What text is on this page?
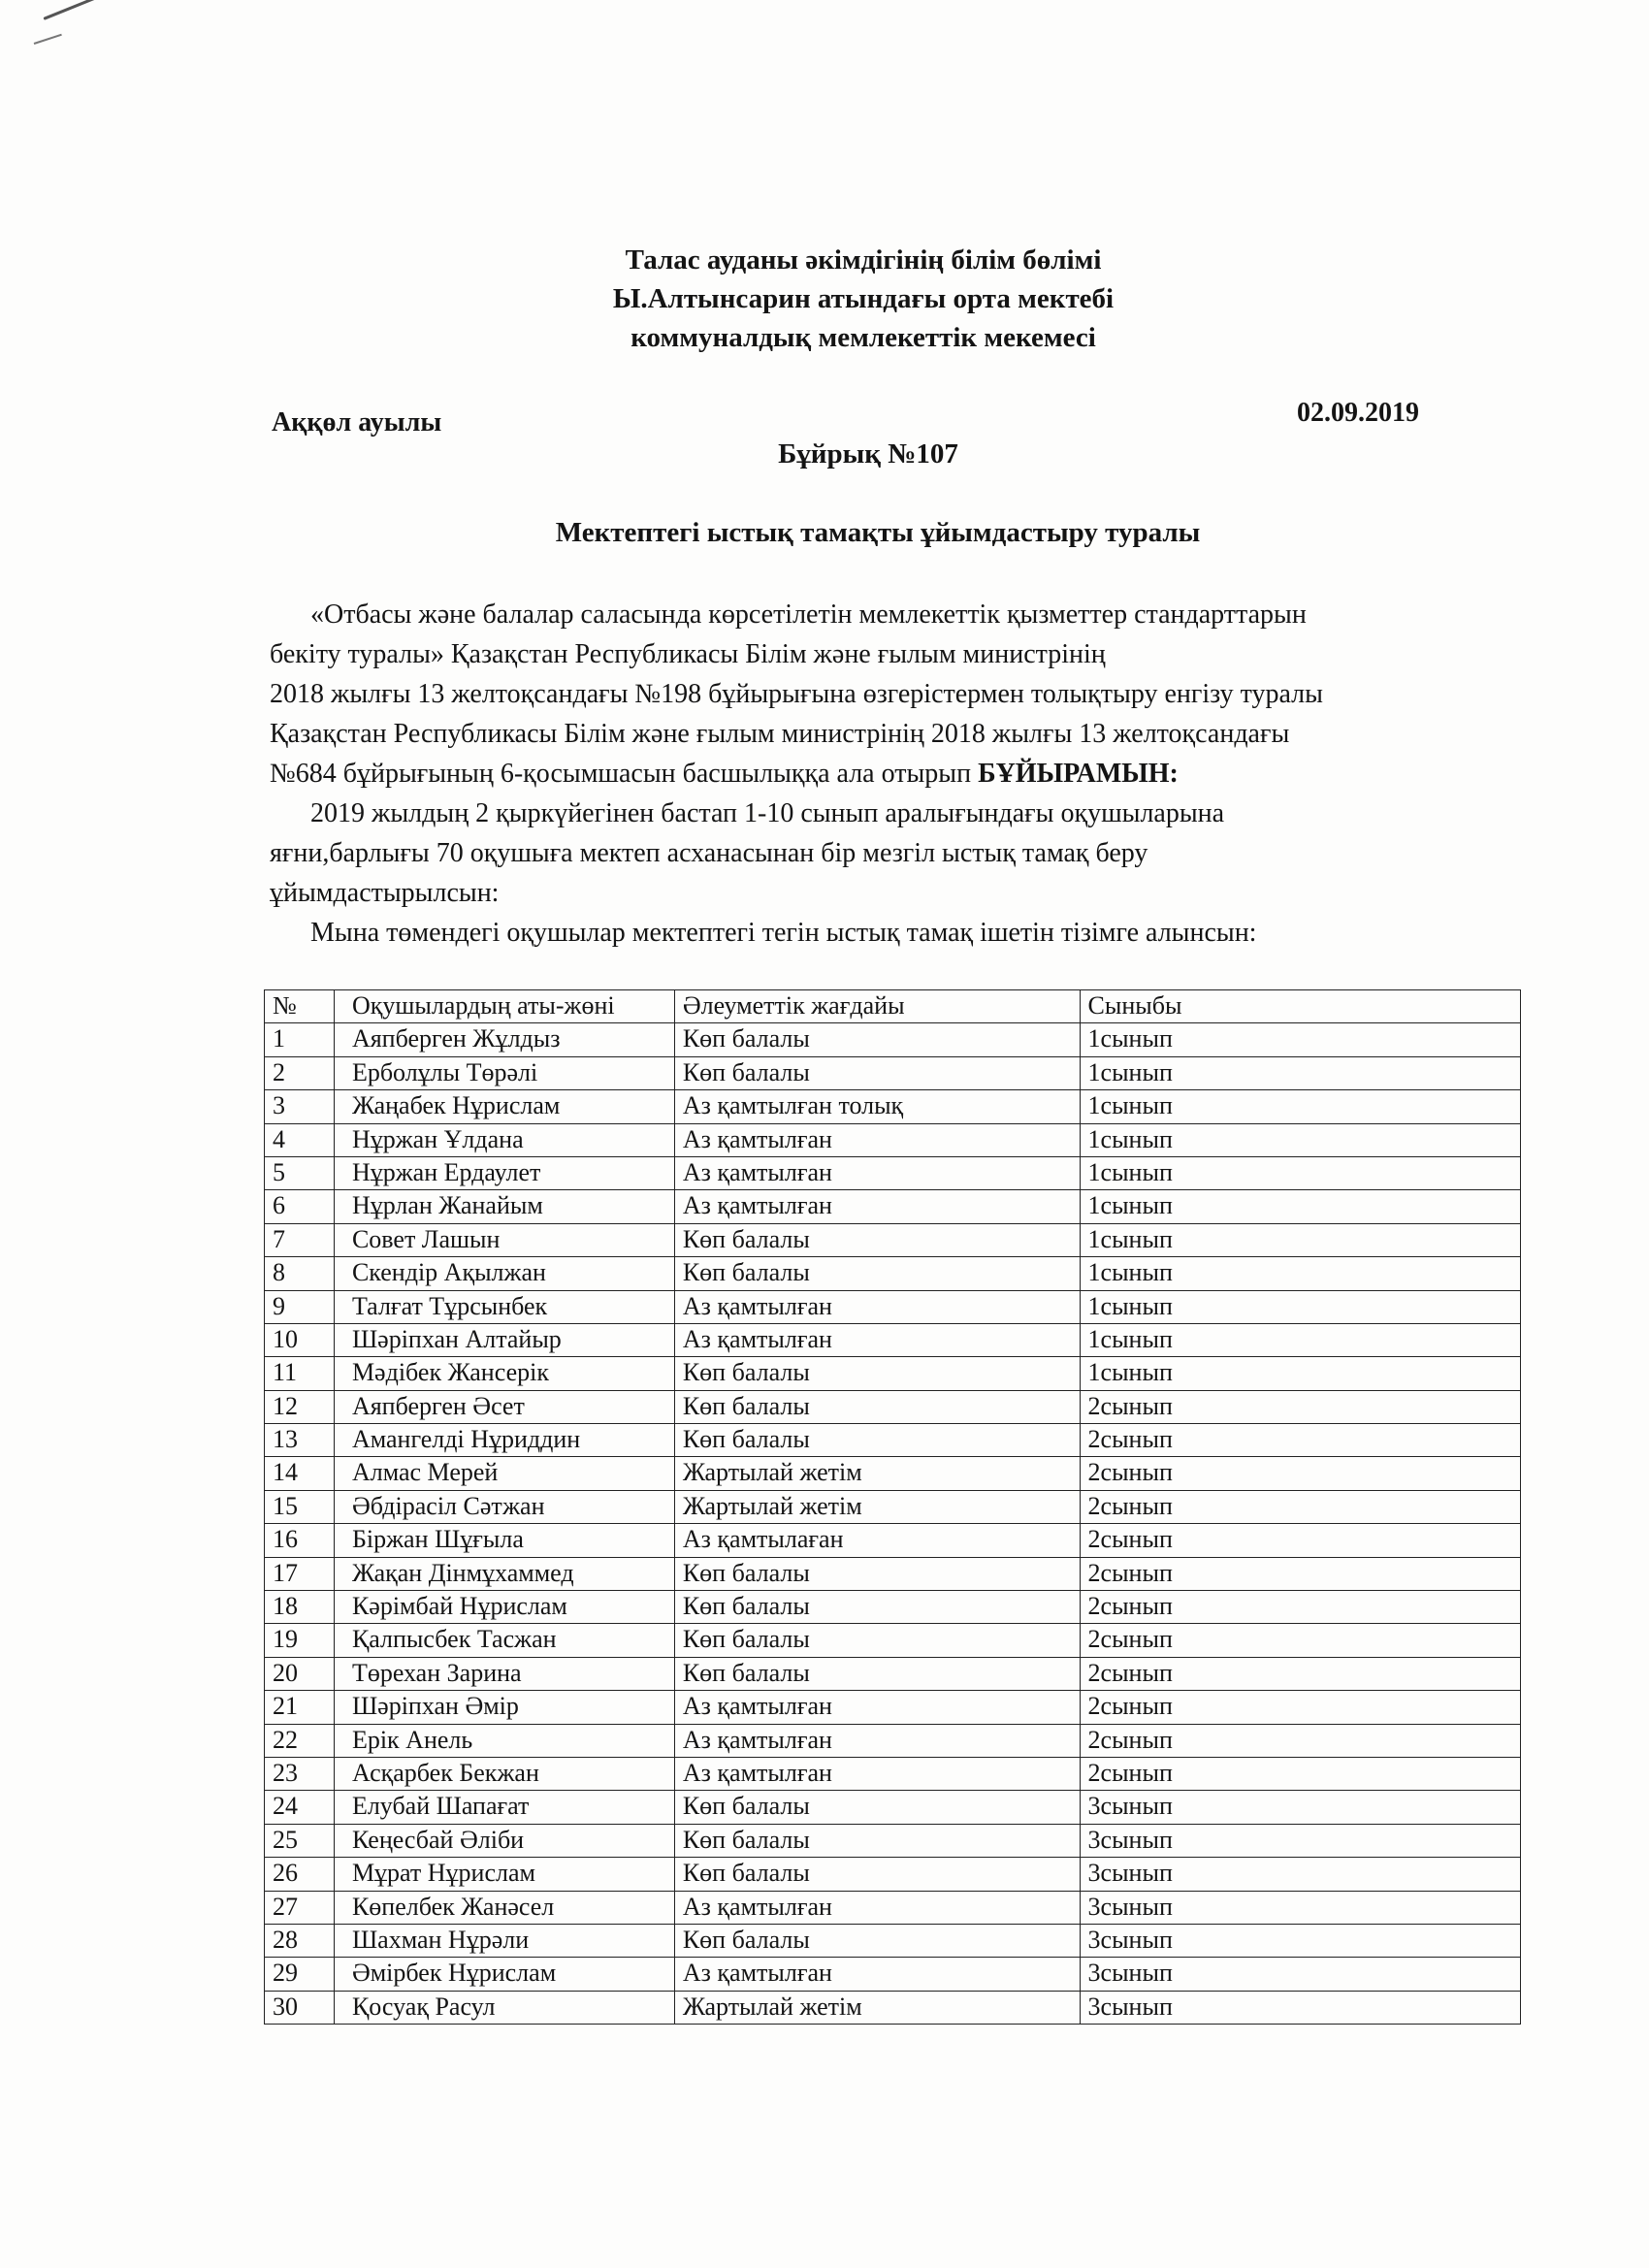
Талас ауданы әкімдігінің білім бөлімі
Ы.Алтынсарин атындағы орта мектебі
коммуналдық мемлекеттік мекемесі
Аққөл ауылы	02.09.2019
Бұйрық №107
Мектептегі ыстық тамақты ұйымдастыру туралы

«Отбасы және балалар саласында көрсетілетін мемлекеттік қызметтер стандарттарын

бекіту туралы» Қазақстан Республикасы Білім және ғылым министрінің

2018 жылғы 13 желтоқсандағы №198 бұйырығына өзгерістермен толықтыру енгізу туралы

Қазақстан Республикасы Білім және ғылым министрінің 2018 жылғы 13 желтоқсандағы

№684 бұйрығының 6-қосымшасын басшылыққа ала отырып БҰЙЫРАМЫН:

2019 жылдың 2 қыркүйегінен бастап 1-10 сынып аралығындағы оқушыларына

яғни,барлығы 70 оқушыға мектеп асханасынан бір мезгіл ыстық тамақ беру

ұйымдастырылсын:

Мына төмендегі оқушылар мектептегі тегін ыстық тамақ ішетін тізімге алынсын:

№	Оқушылардың аты-жөні	Әлеуметтік жағдайы	Сыныбы
1	Аяпберген Жұлдыз	Көп балалы	1сынып
2	Ерболұлы Төрәлі	Көп балалы	1сынып
3	Жаңабек Нұрислам	Аз қамтылған толық	1сынып
4	Нұржан Ұлдана	Аз қамтылған	1сынып
5	Нұржан Ердаулет	Аз қамтылған	1сынып
6	Нұрлан Жанайым	Аз қамтылған	1сынып
7	Совет Лашын	Көп балалы	1сынып
8	Скендір Ақылжан	Көп балалы	1сынып
9	Талғат Тұрсынбек	Аз қамтылған	1сынып
10	Шәріпхан Алтайыр	Аз қамтылған	1сынып
11	Мәдібек Жансерік	Көп балалы	1сынып
12	Аяпберген Әсет	Көп балалы	2сынып
13	Амангелді Нұриддин	Көп балалы	2сынып
14	Алмас Мерей	Жартылай жетім	2сынып
15	Әбдірасіл Сәтжан	Жартылай жетім	2сынып
16	Біржан Шұғыла	Аз қамтылаған	2сынып
17	Жақан Дінмұхаммед	Көп балалы	2сынып
18	Кәрімбай Нұрислам	Көп балалы	2сынып
19	Қалпысбек Тасжан	Көп балалы	2сынып
20	Төрехан Зарина	Көп балалы	2сынып
21	Шәріпхан Әмір	Аз қамтылған	2сынып
22	Ерік Анель	Аз қамтылған	2сынып
23	Асқарбек Бекжан	Аз қамтылған	2сынып
24	Елубай Шапағат	Көп балалы	3сынып
25	Кеңесбай Әліби	Көп балалы	3сынып
26	Мұрат Нұрислам	Көп балалы	3сынып
27	Көпелбек Жанәсел	Аз қамтылған	3сынып
28	Шахман Нұрәли	Көп балалы	3сынып
29	Әмірбек Нұрислам	Аз қамтылған	3сынып
30	Қосуақ Расул	Жартылай жетім	3сынып
